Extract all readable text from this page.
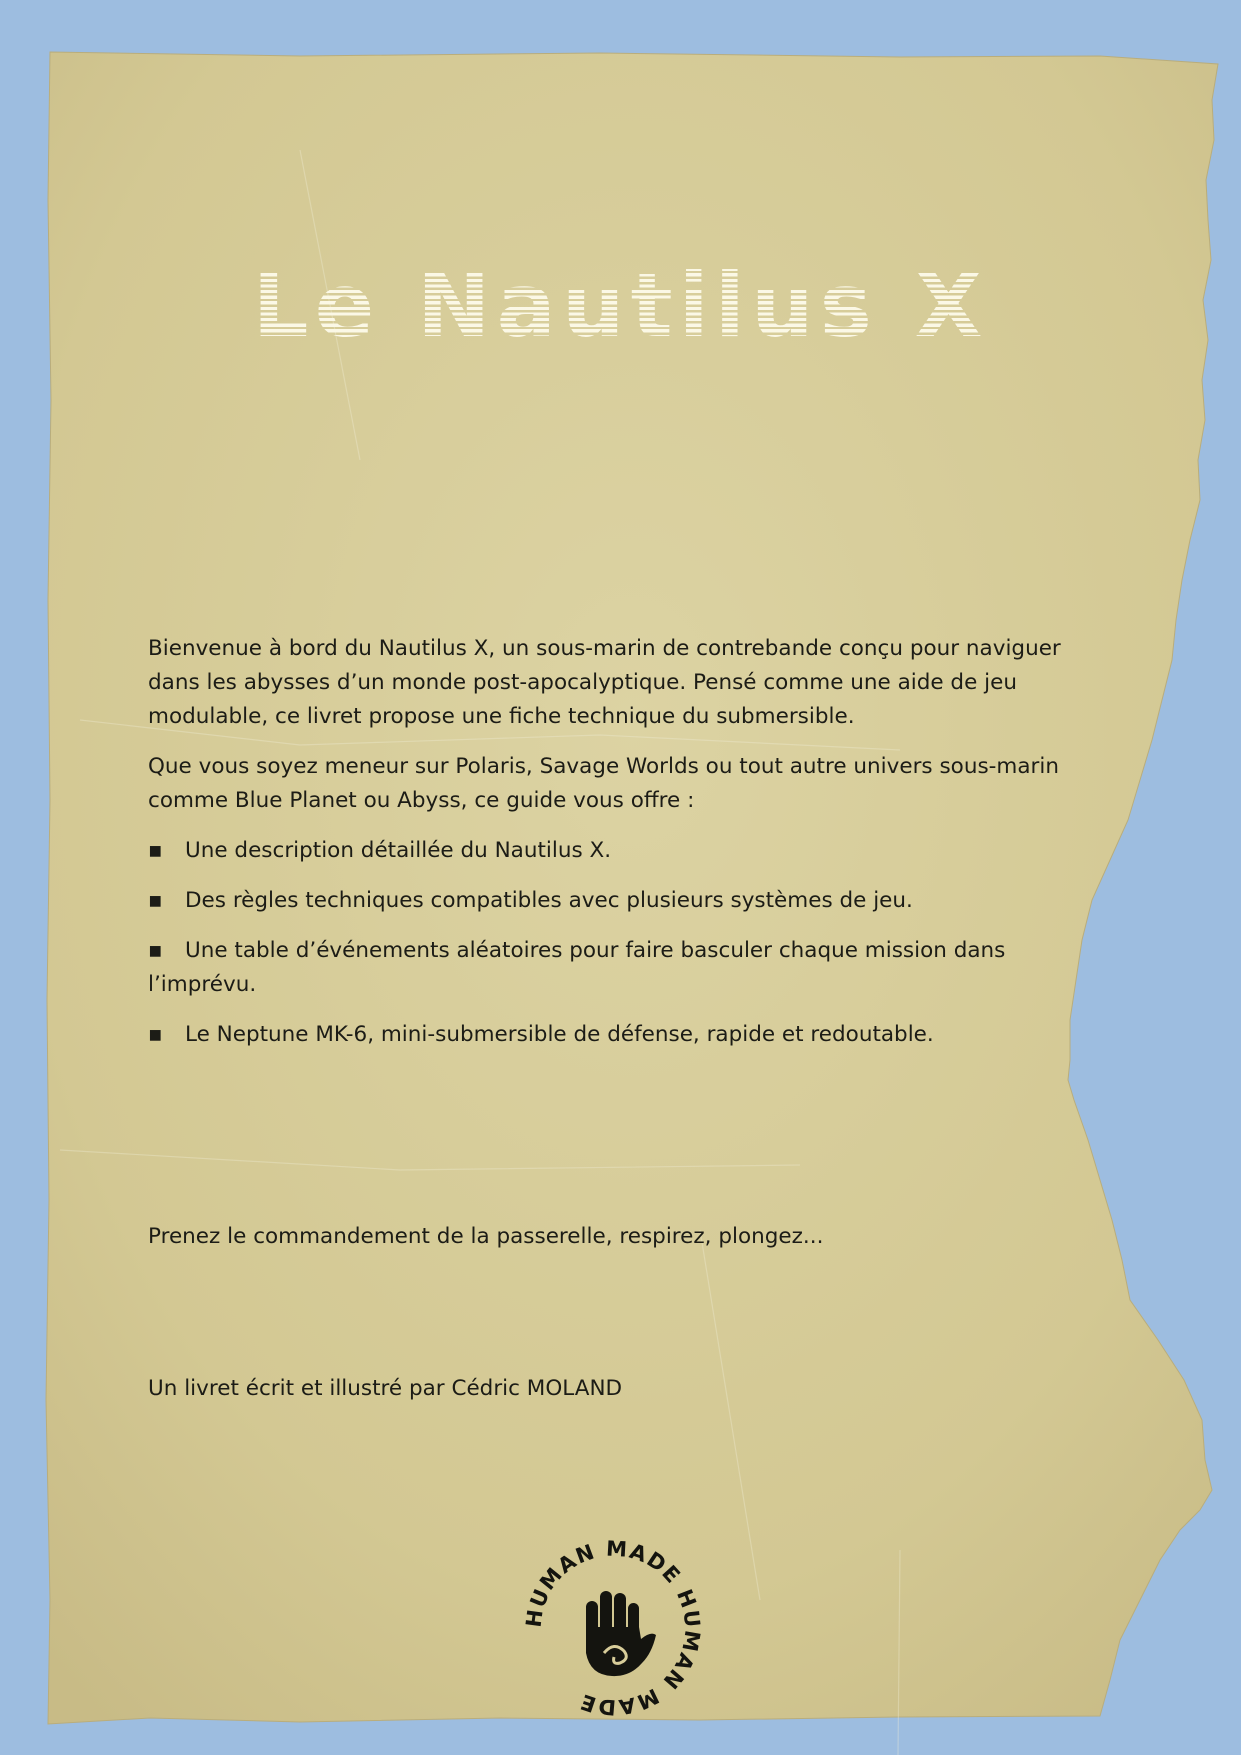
Le Nautilus X

Bienvenue à bord du Nautilus X, un sous-marin de contrebande conçu pour naviguer dans les abysses d’un monde post-apocalyptique. Pensé comme une aide de jeu modulable, ce livret propose une fiche technique du submersible.

Que vous soyez meneur sur Polaris, Savage Worlds ou tout autre univers sous-marin comme Blue Planet ou Abyss, ce guide vous offre :

▪ Une description détaillée du Nautilus X.
▪ Des règles techniques compatibles avec plusieurs systèmes de jeu.
▪ Une table d’événements aléatoires pour faire basculer chaque mission dans l’imprévu.
▪ Le Neptune MK-6, mini-submersible de défense, rapide et redoutable.
Prenez le commandement de la passerelle, respirez, plongez...
Un livret écrit et illustré par Cédric MOLAND
HUMAN MADE HUMAN MADE
